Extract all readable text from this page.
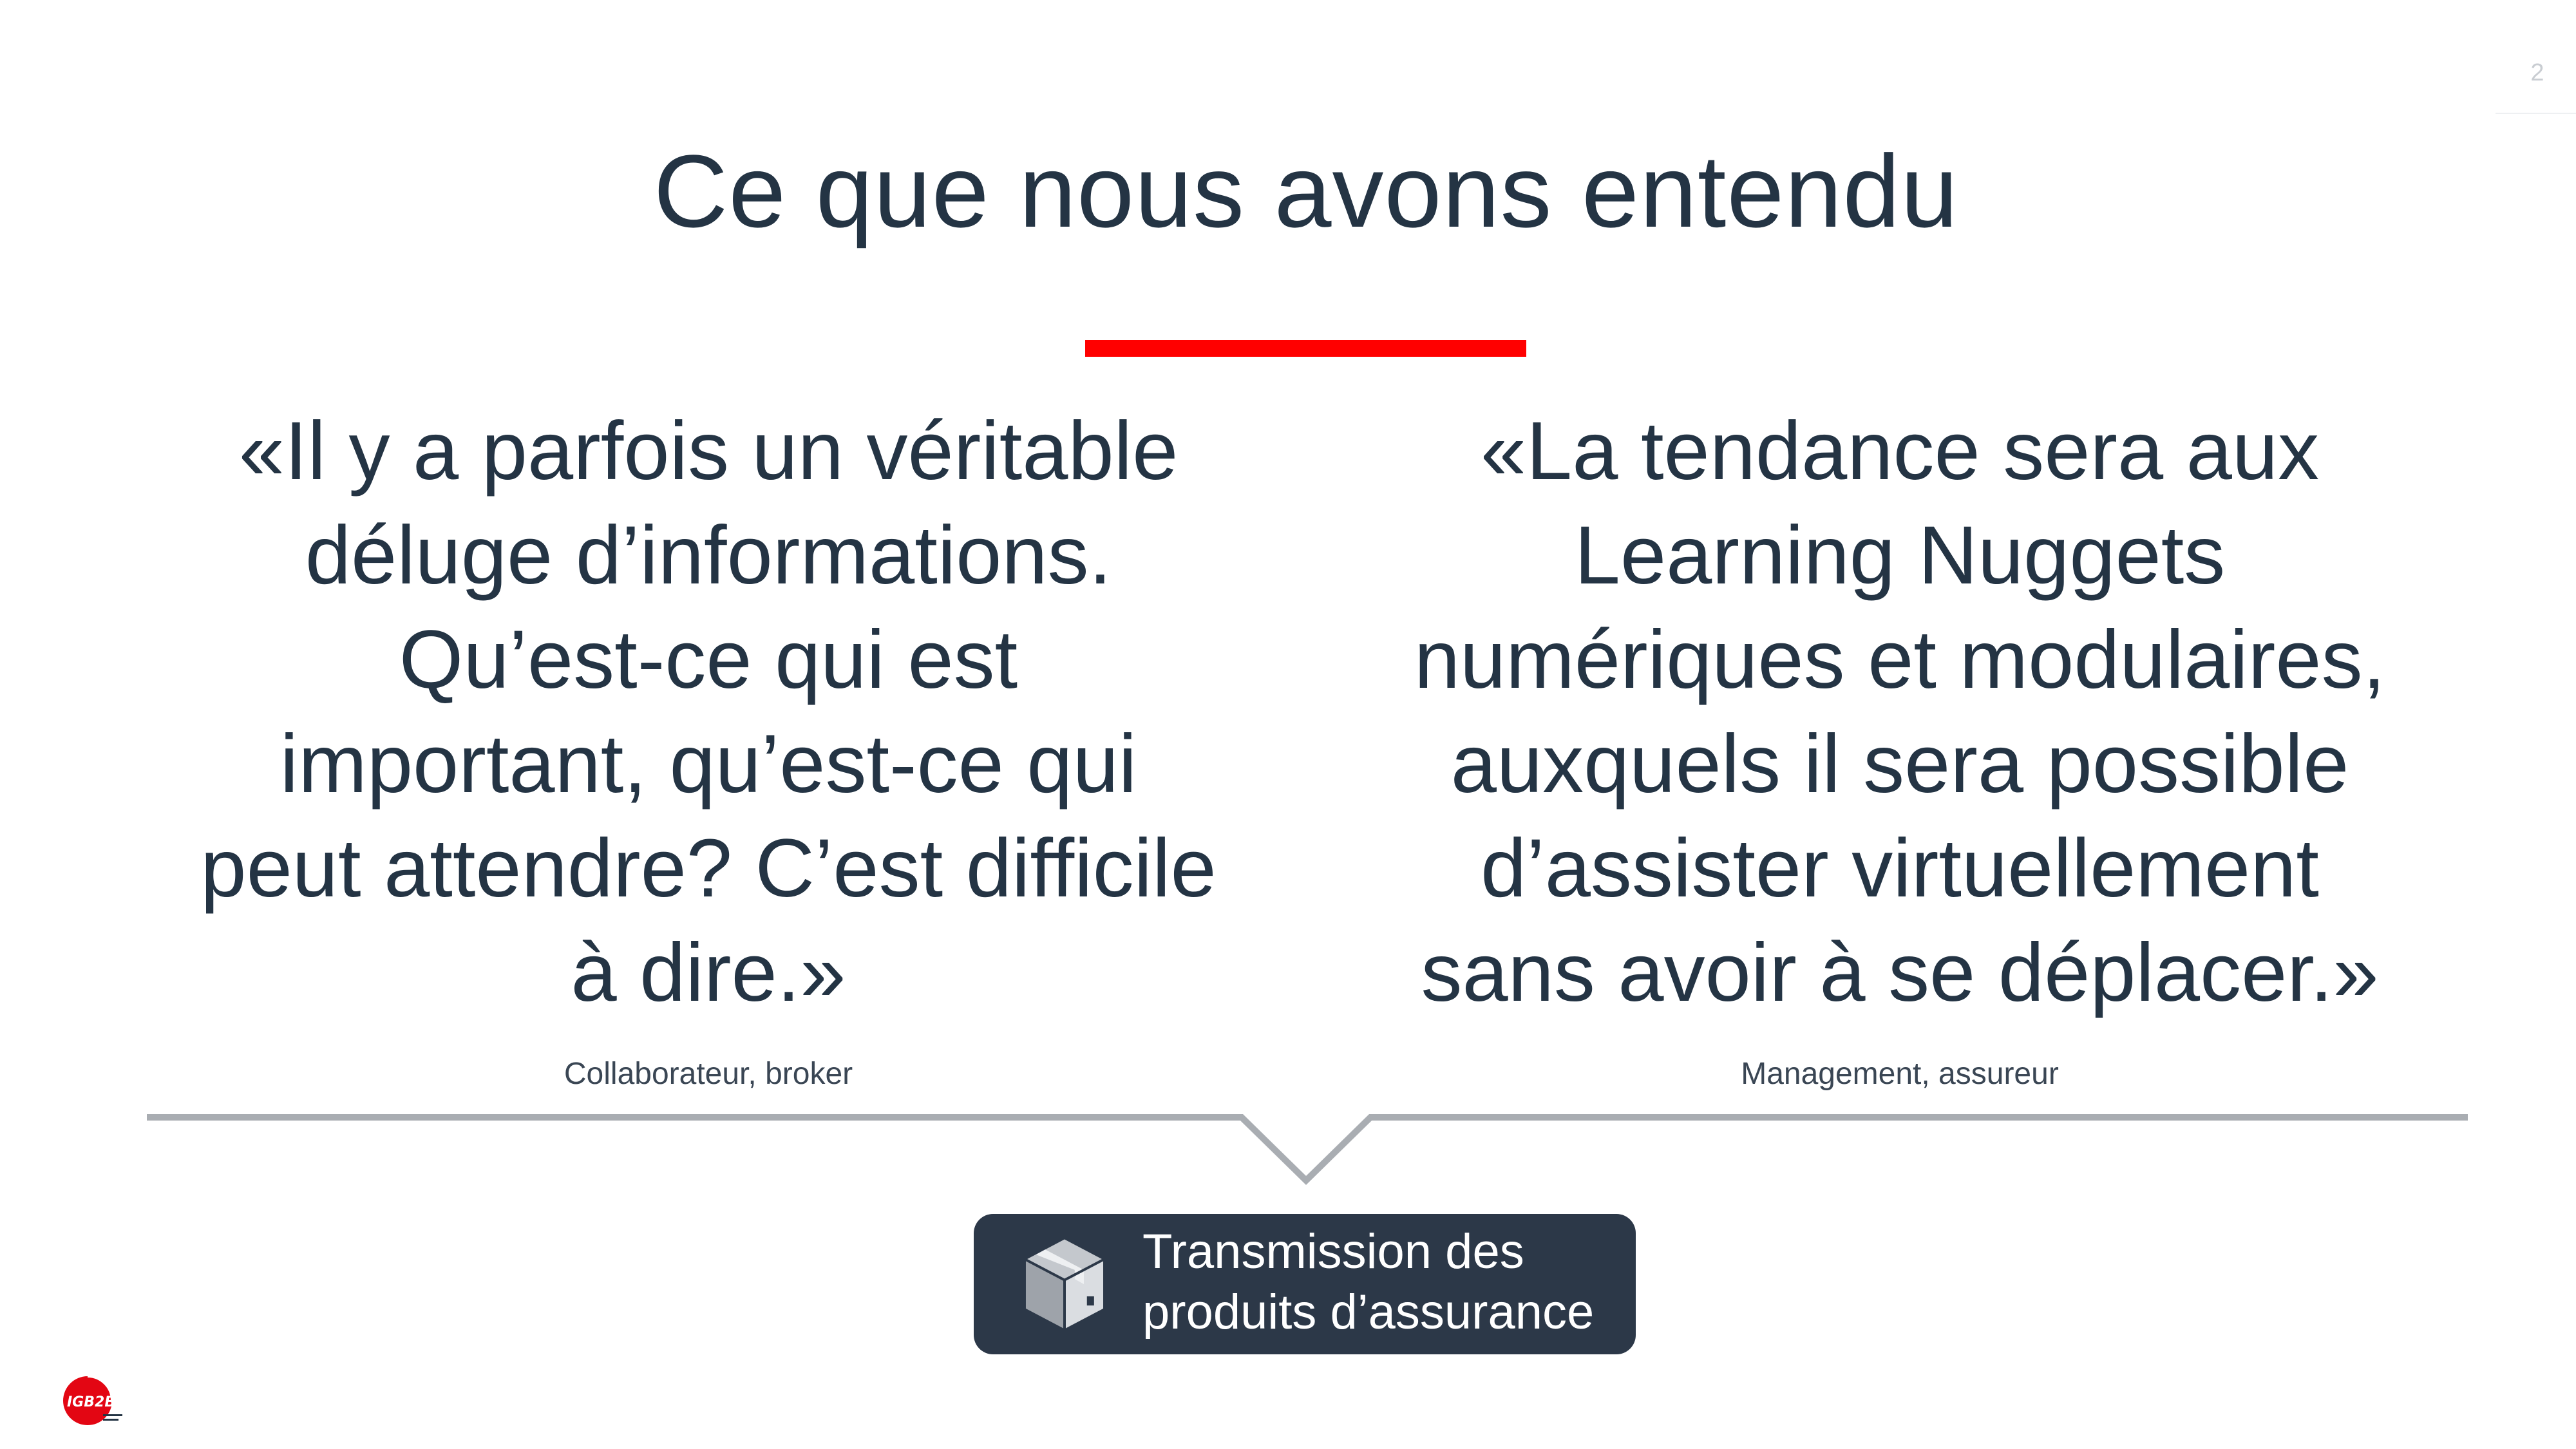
2
Ce que nous avons entendu
«Il y a parfois un véritable
déluge d’informations.
Qu’est-ce qui est
important, qu’est-ce qui
peut attendre? C’est difficile
à dire.»
«La tendance sera aux
Learning Nuggets
numériques et modulaires,
auxquels il sera possible
d’assister virtuellement
sans avoir à se déplacer.»
Collaborateur, broker	Management, assureur
Transmission des
produits d’assurance
IGB2B
